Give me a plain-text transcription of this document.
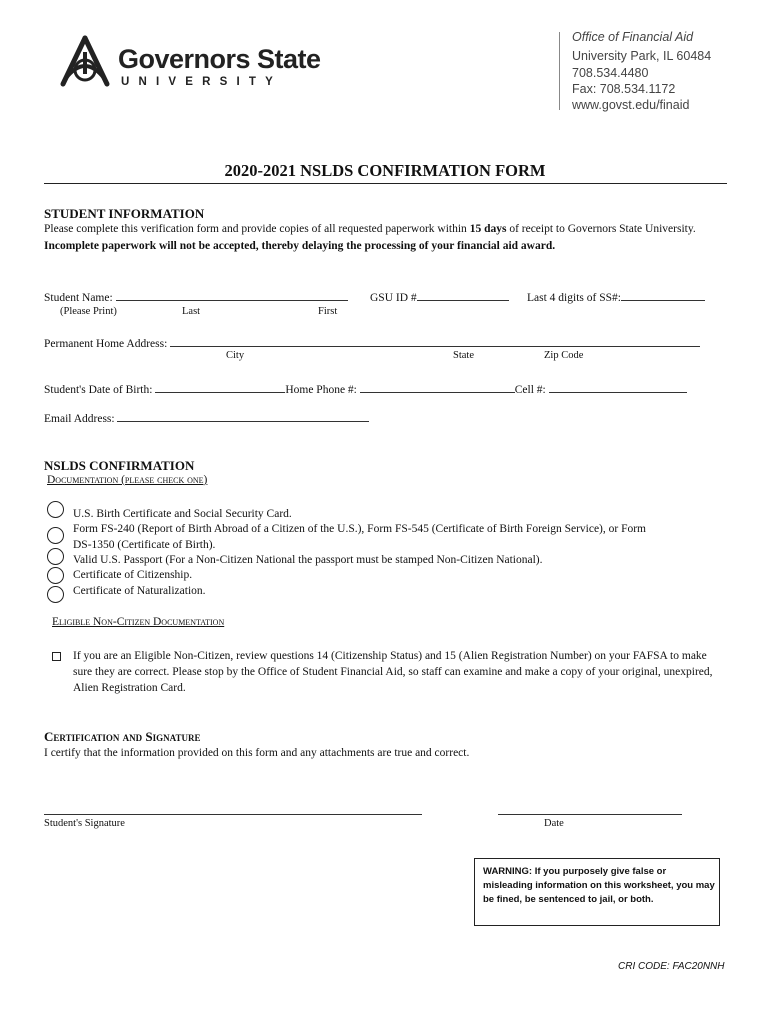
Governors State
UNIVERSITY
Office of Financial Aid
University Park, IL 60484
708.534.4480
Fax: 708.534.1172
www.govst.edu/finaid
2020-2021 NSLDS CONFIRMATION FORM
STUDENT INFORMATION
Please complete this verification form and provide copies of all requested paperwork within 15 days of receipt to Governors State University. Incomplete paperwork will not be accepted, thereby delaying the processing of your financial aid award.
Student Name:	GSU ID #	Last 4 digits of SS#:
(Please Print)	Last	First
Permanent Home Address:
City	State	Zip Code
Student's Date of Birth:	Home Phone #:	Cell #:
Email Address:
NSLDS CONFIRMATION
Documentation (please check one)
U.S. Birth Certificate and Social Security Card.
Form FS-240 (Report of Birth Abroad of a Citizen of the U.S.), Form FS-545 (Certificate of Birth Foreign Service), or Form
DS-1350 (Certificate of Birth).
Valid U.S. Passport (For a Non-Citizen National the passport must be stamped Non-Citizen National).
Certificate of Citizenship.
Certificate of Naturalization.
Eligible Non-Citizen Documentation
If you are an Eligible Non-Citizen, review questions 14 (Citizenship Status) and 15 (Alien Registration Number) on your FAFSA to make sure they are correct. Please stop by the Office of Student Financial Aid, so staff can examine and make a copy of your original, unexpired, Alien Registration Card.
Certification and Signature
I certify that the information provided on this form and any attachments are true and correct.
Student's Signature	Date
WARNING: If you purposely give false or misleading information on this worksheet, you may be fined, be sentenced to jail, or both.
CRI CODE: FAC20NNH
